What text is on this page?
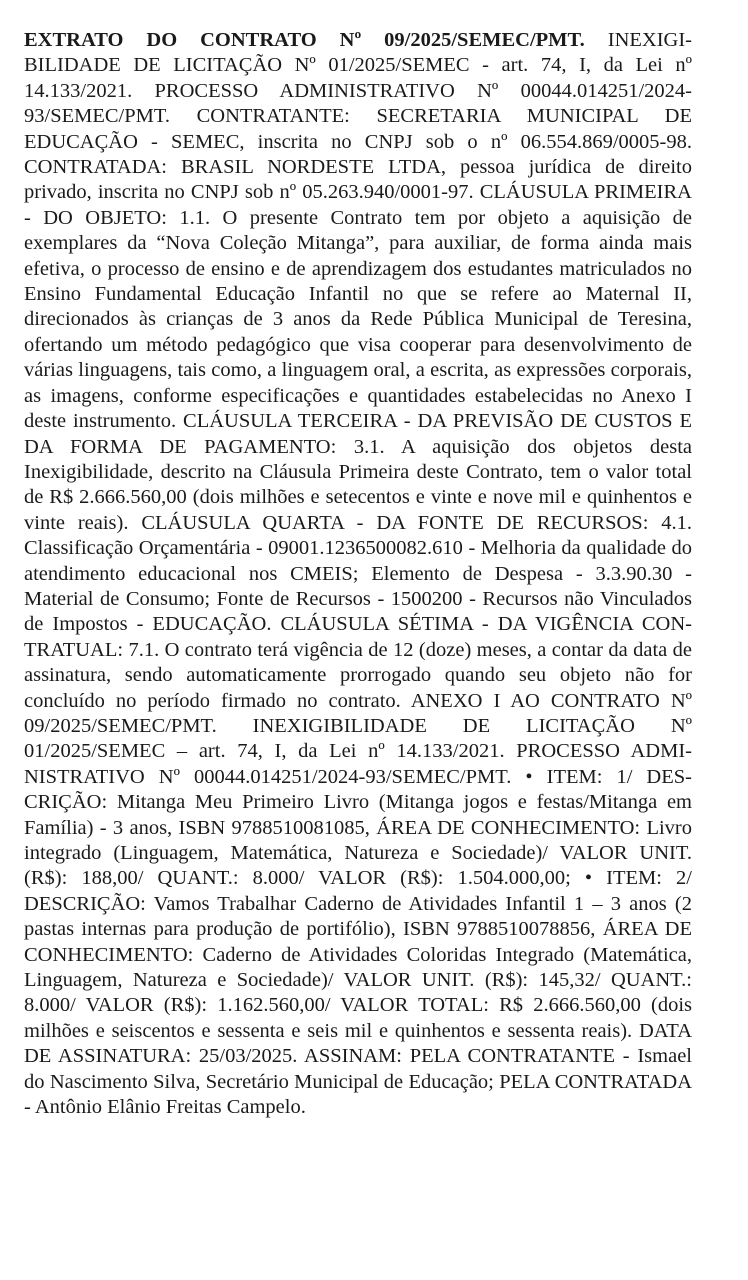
EXTRATO DO CONTRATO Nº 09/2025/SEMEC/PMT. INEXIGIBILIDADE DE LICITAÇÃO Nº 01/2025/SEMEC - art. 74, I, da Lei nº 14.133/2021. PROCESSO ADMINISTRATIVO Nº 00044.014251/2024-93/SEMEC/PMT. CONTRATANTE: SECRETARIA MUNICIPAL DE EDUCAÇÃO - SEMEC, inscrita no CNPJ sob o nº 06.554.869/0005-98. CONTRATADA: BRASIL NORDESTE LTDA, pessoa jurídica de direito privado, inscrita no CNPJ sob nº 05.263.940/0001-97. CLÁUSULA PRIMEIRA - DO OBJETO: 1.1. O presente Contrato tem por objeto a aquisição de exemplares da “Nova Coleção Mitanga”, para auxiliar, de forma ainda mais efetiva, o processo de ensino e de aprendizagem dos estudantes matriculados no Ensino Fundamental Educação Infantil no que se refere ao Maternal II, direcionados às crianças de 3 anos da Rede Pública Municipal de Teresina, ofertando um método pedagógico que visa cooperar para desenvolvimento de várias linguagens, tais como, a linguagem oral, a escrita, as expressões corporais, as imagens, conforme especificações e quantidades estabelecidas no Anexo I deste instrumento. CLÁUSULA TERCEIRA - DA PREVISÃO DE CUSTOS E DA FORMA DE PAGAMENTO: 3.1. A aquisição dos objetos desta Inexigibilidade, descrito na Cláusula Primeira deste Contrato, tem o valor total de R$ 2.666.560,00 (dois milhões e setecentos e vinte e nove mil e quinhentos e vinte reais). CLÁUSULA QUARTA - DA FONTE DE RECURSOS: 4.1. Classificação Orçamentária - 09001.1236500082.610 - Melhoria da qualidade do atendimento educacional nos CMEIS; Elemento de Despesa - 3.3.90.30 - Material de Consumo; Fonte de Recursos - 1500200 - Recursos não Vinculados de Impostos - EDUCAÇÃO. CLÁUSULA SÉTIMA - DA VIGÊNCIA CONTRATUAL: 7.1. O contrato terá vigência de 12 (doze) meses, a contar da data de assinatura, sendo automaticamente prorrogado quando seu objeto não for concluído no período firmado no contrato. ANEXO I AO CONTRATO Nº 09/2025/SEMEC/PMT. INEXIGIBILIDADE DE LICITAÇÃO Nº 01/2025/SEMEC – art. 74, I, da Lei nº 14.133/2021. PROCESSO ADMINISTRATIVO Nº 00044.014251/2024-93/SEMEC/PMT. • ITEM: 1/ DESCRIÇÃO: Mitanga Meu Primeiro Livro (Mitanga jogos e festas/Mitanga em Família) - 3 anos, ISBN 9788510081085, ÁREA DE CONHECIMENTO: Livro integrado (Linguagem, Matemática, Natureza e Sociedade)/ VALOR UNIT. (R$): 188,00/ QUANT.: 8.000/ VALOR (R$): 1.504.000,00; • ITEM: 2/ DESCRIÇÃO: Vamos Trabalhar Caderno de Atividades Infantil 1 – 3 anos (2 pastas internas para produção de portifólio), ISBN 9788510078856, ÁREA DE CONHECIMENTO: Caderno de Atividades Coloridas Integrado (Matemática, Linguagem, Natureza e Sociedade)/ VALOR UNIT. (R$): 145,32/ QUANT.: 8.000/ VALOR (R$): 1.162.560,00/ VALOR TOTAL: R$ 2.666.560,00 (dois milhões e seiscentos e sessenta e seis mil e quinhentos e sessenta reais). DATA DE ASSINATURA: 25/03/2025. ASSINAM: PELA CONTRATANTE - Ismael do Nascimento Silva, Secretário Municipal de Educação; PELA CONTRATADA - Antônio Elânio Freitas Campelo.
